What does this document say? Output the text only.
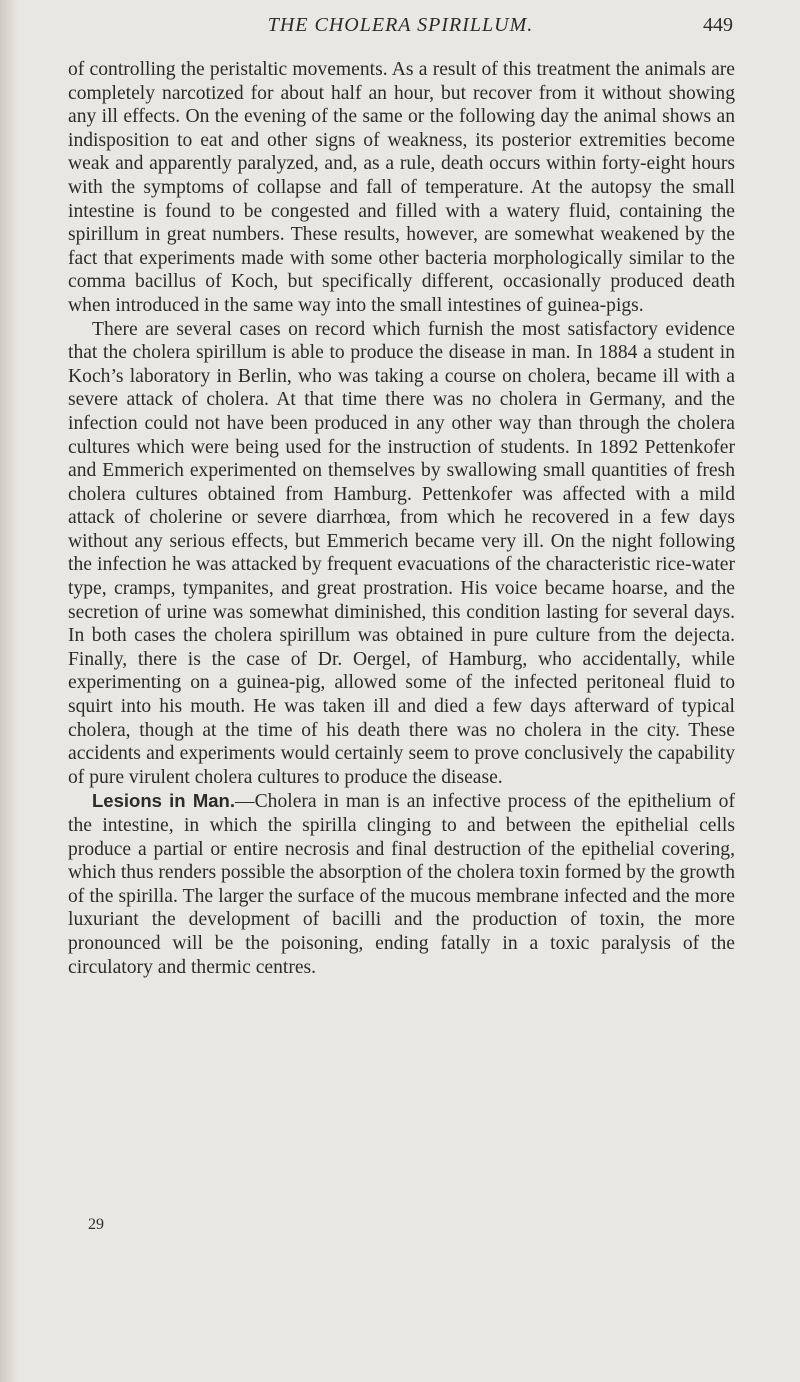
THE CHOLERA SPIRILLUM.	449

of controlling the peristaltic movements. As a result of this treatment the animals are completely narcotized for about half an hour, but recover from it without showing any ill effects. On the evening of the same or the following day the animal shows an indisposition to eat and other signs of weakness, its posterior extremities become weak and apparently paralyzed, and, as a rule, death occurs within forty-eight hours with the symptoms of collapse and fall of temperature. At the autopsy the small intestine is found to be congested and filled with a watery fluid, containing the spirillum in great numbers. These results, however, are somewhat weakened by the fact that experiments made with some other bacteria morphologically similar to the comma bacillus of Koch, but specifically different, occasionally produced death when introduced in the same way into the small intestines of guinea-pigs.

There are several cases on record which furnish the most satisfactory evidence that the cholera spirillum is able to produce the disease in man. In 1884 a student in Koch’s laboratory in Berlin, who was taking a course on cholera, became ill with a severe attack of cholera. At that time there was no cholera in Germany, and the infection could not have been produced in any other way than through the cholera cultures which were being used for the instruction of students. In 1892 Pettenkofer and Emmerich experimented on themselves by swallowing small quantities of fresh cholera cultures obtained from Hamburg. Pettenkofer was affected with a mild attack of cholerine or severe diarrhœa, from which he recovered in a few days without any serious effects, but Emmerich became very ill. On the night following the infection he was attacked by frequent evacuations of the characteristic rice-water type, cramps, tympanites, and great prostration. His voice became hoarse, and the secretion of urine was somewhat diminished, this condition lasting for several days. In both cases the cholera spirillum was obtained in pure culture from the dejecta. Finally, there is the case of Dr. Oergel, of Hamburg, who accidentally, while experimenting on a guinea-pig, allowed some of the infected peritoneal fluid to squirt into his mouth. He was taken ill and died a few days afterward of typical cholera, though at the time of his death there was no cholera in the city. These accidents and experiments would certainly seem to prove conclusively the capability of pure virulent cholera cultures to produce the disease.

Lesions in Man.—Cholera in man is an infective process of the epithelium of the intestine, in which the spirilla clinging to and between the epithelial cells produce a partial or entire necrosis and final destruction of the epithelial covering, which thus renders possible the absorption of the cholera toxin formed by the growth of the spirilla. The larger the surface of the mucous membrane infected and the more luxuriant the development of bacilli and the production of toxin, the more pronounced will be the poisoning, ending fatally in a toxic paralysis of the circulatory and thermic centres.

29
